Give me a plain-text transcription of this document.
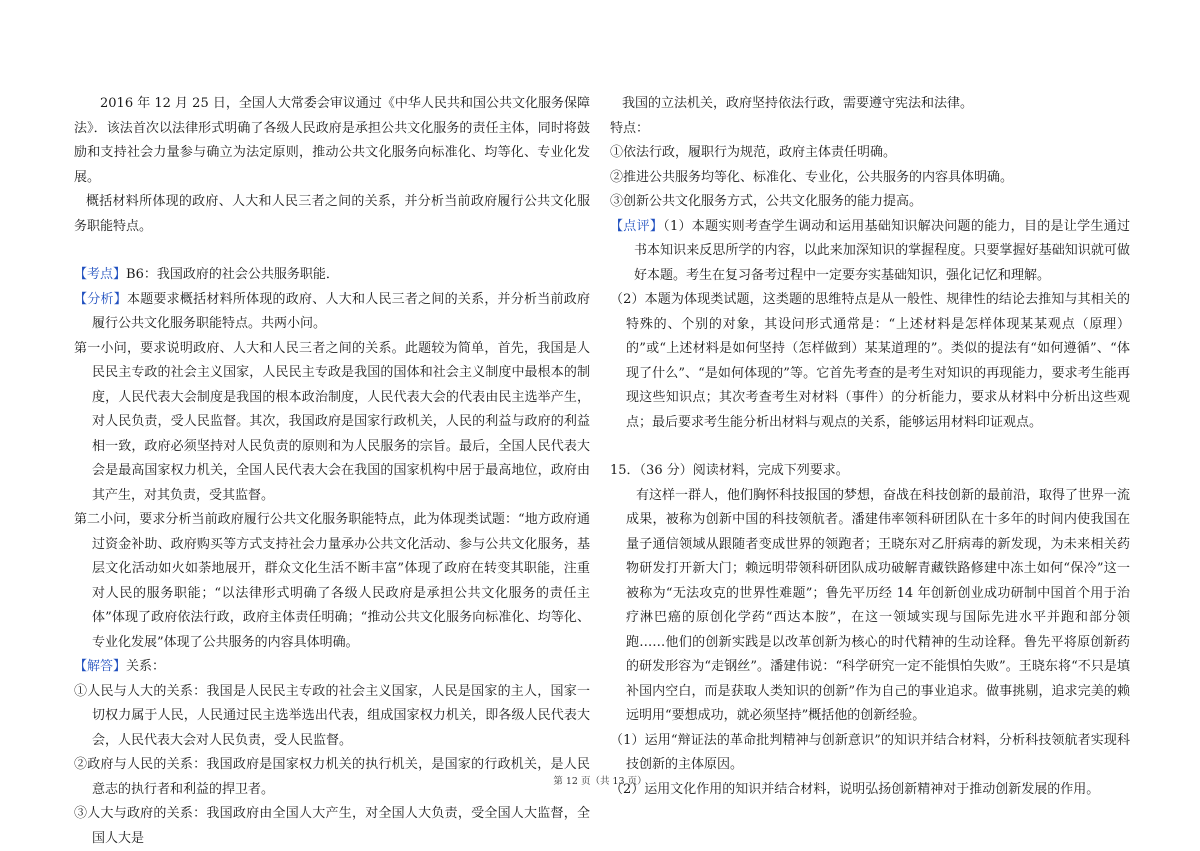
2016 年 12 月 25 日，全国人大常委会审议通过《中华人民共和国公共文化服务保障法》．该法首次以法律形式明确了各级人民政府是承担公共文化服务的责任主体，同时将鼓励和支持社会力量参与确立为法定原则，推动公共文化服务向标准化、均等化、专业化发展。

概括材料所体现的政府、人大和人民三者之间的关系，并分析当前政府履行公共文化服务职能特点。

【考点】B6：我国政府的社会公共服务职能．

【分析】本题要求概括材料所体现的政府、人大和人民三者之间的关系，并分析当前政府履行公共文化服务职能特点。共两小问。

第一小问，要求说明政府、人大和人民三者之间的关系。此题较为简单，首先，我国是人民民主专政的社会主义国家，人民民主专政是我国的国体和社会主义制度中最根本的制度，人民代表大会制度是我国的根本政治制度，人民代表大会的代表由民主选举产生，对人民负责，受人民监督。其次，我国政府是国家行政机关，人民的利益与政府的利益相一致，政府必须坚持对人民负责的原则和为人民服务的宗旨。最后，全国人民代表大会是最高国家权力机关，全国人民代表大会在我国的国家机构中居于最高地位，政府由其产生，对其负责，受其监督。

第二小问，要求分析当前政府履行公共文化服务职能特点，此为体现类试题：“地方政府通过资金补助、政府购买等方式支持社会力量承办公共文化活动、参与公共文化服务，基层文化活动如火如荼地展开，群众文化生活不断丰富”体现了政府在转变其职能，注重对人民的服务职能；“以法律形式明确了各级人民政府是承担公共文化服务的责任主体”体现了政府依法行政，政府主体责任明确；“推动公共文化服务向标准化、均等化、专业化发展”体现了公共服务的内容具体明确。

【解答】关系：

①人民与人大的关系：我国是人民民主专政的社会主义国家，人民是国家的主人，国家一切权力属于人民，人民通过民主选举选出代表，组成国家权力机关，即各级人民代表大会，人民代表大会对人民负责，受人民监督。

②政府与人民的关系：我国政府是国家权力机关的执行机关，是国家的行政机关，是人民意志的执行者和利益的捍卫者。

③人大与政府的关系：我国政府由全国人大产生，对全国人大负责，受全国人大监督，全国人大是

我国的立法机关，政府坚持依法行政，需要遵守宪法和法律。

特点：

①依法行政，履职行为规范，政府主体责任明确。

②推进公共服务均等化、标准化、专业化，公共服务的内容具体明确。

③创新公共文化服务方式，公共文化服务的能力提高。

【点评】（1）本题实则考查学生调动和运用基础知识解决问题的能力，目的是让学生通过书本知识来反思所学的内容，以此来加深知识的掌握程度。只要掌握好基础知识就可做好本题。考生在复习备考过程中一定要夯实基础知识，强化记忆和理解。

（2）本题为体现类试题，这类题的思维特点是从一般性、规律性的结论去推知与其相关的特殊的、个别的对象，其设问形式通常是：“上述材料是怎样体现某某观点（原理）的”或“上述材料是如何坚持（怎样做到）某某道理的”。类似的提法有“如何遵循”、“体现了什么”、“是如何体现的”等。它首先考查的是考生对知识的再现能力，要求考生能再现这些知识点；其次考查考生对材料（事件）的分析能力，要求从材料中分析出这些观点；最后要求考生能分析出材料与观点的关系，能够运用材料印证观点。

15．（36 分）阅读材料，完成下列要求。

有这样一群人，他们胸怀科技报国的梦想，奋战在科技创新的最前沿，取得了世界一流成果，被称为创新中国的科技领航者。潘建伟率领科研团队在十多年的时间内使我国在量子通信领域从跟随者变成世界的领跑者；王晓东对乙肝病毒的新发现，为未来相关药物研发打开新大门；赖远明带领科研团队成功破解青藏铁路修建中冻土如何“保冷”这一被称为“无法攻克的世界性难题”；鲁先平历经 14 年创新创业成功研制中国首个用于治疗淋巴癌的原创化学药“西达本胺”，在这一领域实现与国际先进水平并跑和部分领跑……他们的创新实践是以改革创新为核心的时代精神的生动诠释。鲁先平将原创新药的研发形容为“走钢丝”。潘建伟说：“科学研究一定不能惧怕失败”。王晓东将“不只是填补国内空白，而是获取人类知识的创新”作为自己的事业追求。做事挑剔，追求完美的赖远明用“要想成功，就必须坚持”概括他的创新经验。

（1）运用“辩证法的革命批判精神与创新意识”的知识并结合材料，分析科技领航者实现科技创新的主体原因。

（2）运用文化作用的知识并结合材料，说明弘扬创新精神对于推动创新发展的作用。

第 12 页（共 13 页）
